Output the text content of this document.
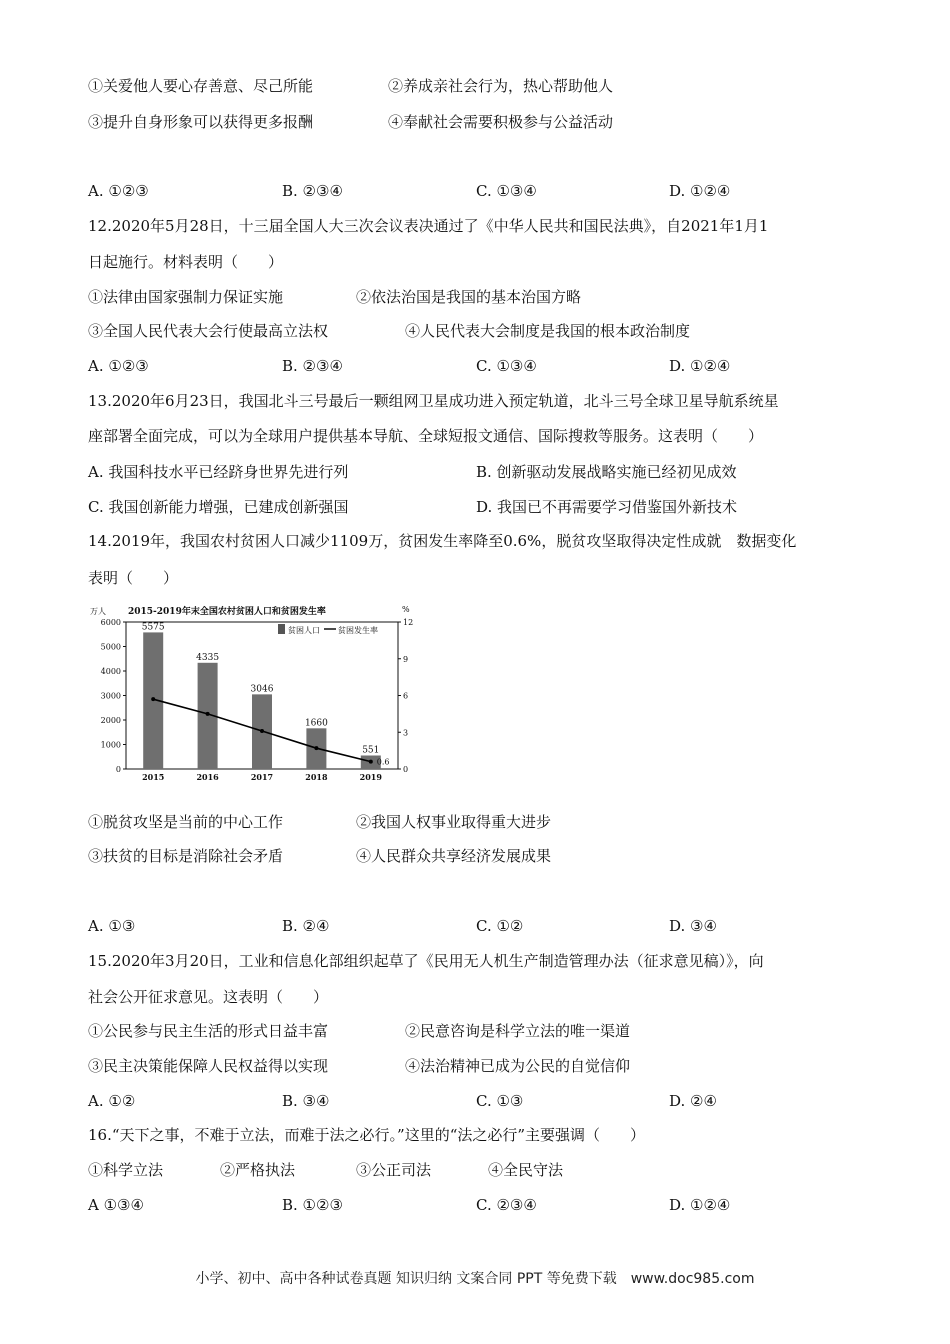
①关爱他人要心存善意、尽己所能	②养成亲社会行为，热心帮助他人
③提升自身形象可以获得更多报酬	④奉献社会需要积极参与公益活动
A. ①②③	B. ②③④	C. ①③④	D. ①②④
12.2020年5月28日，十三届全国人大三次会议表决通过了《中华人民共和国民法典》，自2021年1月1
日起施行。材料表明（　　）
①法律由国家强制力保证实施	②依法治国是我国的基本治国方略
③全国人民代表大会行使最高立法权	④人民代表大会制度是我国的根本政治制度
A. ①②③	B. ②③④	C. ①③④	D. ①②④
13.2020年6月23日，我国北斗三号最后一颗组网卫星成功进入预定轨道，北斗三号全球卫星导航系统星
座部署全面完成，可以为全球用户提供基本导航、全球短报文通信、国际搜救等服务。这表明（　　）
A. 我国科技水平已经跻身世界先进行列	B. 创新驱动发展战略实施已经初见成效
C. 我国创新能力增强，已建成创新强国	D. 我国已不再需要学习借鉴国外新技术
14.2019年，我国农村贫困人口减少1109万，贫困发生率降至0.6%，脱贫攻坚取得决定性成就　数据变化
表明（　　）
2015-2019年末全国农村贫困人口和贫困发生率
万人	%
0
1000
2000
3000
4000
5000
6000
0
3
6
9
12
5575
2015
4335
2016
3046
2017
1660
2018
551
2019
0.6
贫困人口 贫困发生率
①脱贫攻坚是当前的中心工作	②我国人权事业取得重大进步
③扶贫的目标是消除社会矛盾	④人民群众共享经济发展成果
A. ①③	B. ②④	C. ①②	D. ③④
15.2020年3月20日，工业和信息化部组织起草了《民用无人机生产制造管理办法（征求意见稿）》，向
社会公开征求意见。这表明（　　）
①公民参与民主生活的形式日益丰富	②民意咨询是科学立法的唯一渠道
③民主决策能保障人民权益得以实现	④法治精神已成为公民的自觉信仰
A. ①②	B. ③④	C. ①③	D. ②④
16.“天下之事，不难于立法，而难于法之必行。”这里的“法之必行”主要强调（　　）
①科学立法	②严格执法	③公正司法	④全民守法
A ①③④	B. ①②③	C. ②③④	D. ①②④
小学、初中、高中各种试卷真题 知识归纳 文案合同 PPT 等免费下载　www.doc985.com
